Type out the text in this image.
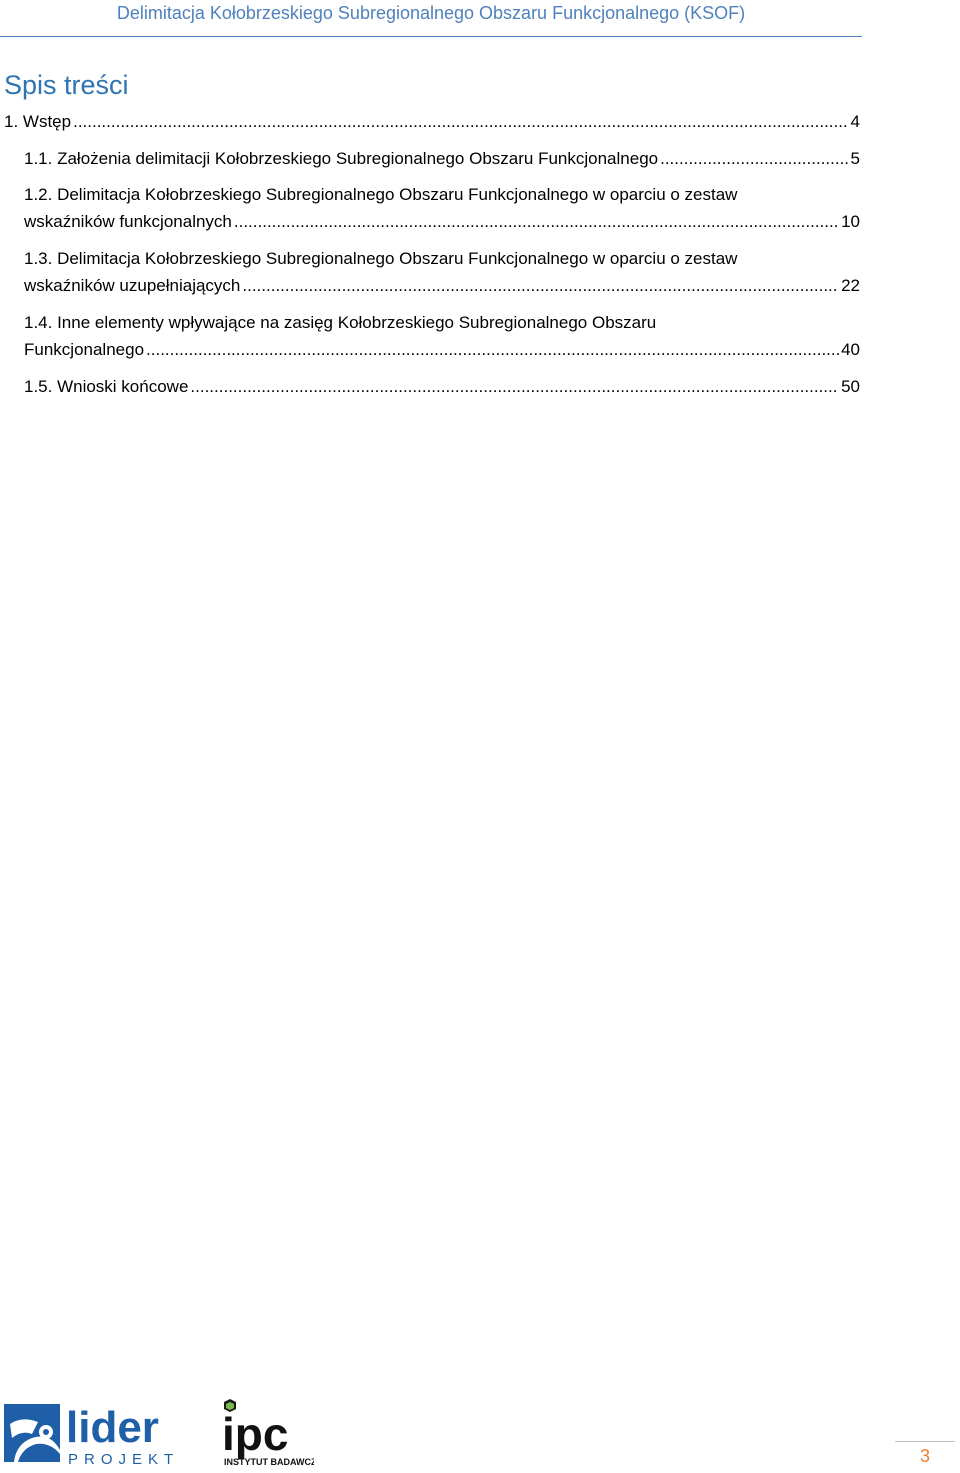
Delimitacja Kołobrzeskiego Subregionalnego Obszaru Funkcjonalnego (KSOF)
Spis treści
1. Wstęp .....	4
1.1. Założenia delimitacji Kołobrzeskiego Subregionalnego Obszaru Funkcjonalnego .....	5
1.2. Delimitacja Kołobrzeskiego Subregionalnego Obszaru Funkcjonalnego w oparciu o zestaw
wskaźników funkcjonalnych .....	10
1.3. Delimitacja Kołobrzeskiego Subregionalnego Obszaru Funkcjonalnego w oparciu o zestaw
wskaźników uzupełniających .....	22
1.4. Inne elementy wpływające na zasięg Kołobrzeskiego Subregionalnego Obszaru
Funkcjonalnego .....	40
1.5. Wnioski końcowe .....	50
lider
PROJEKT ipc
INSTYTUT BADAWCZY	3
